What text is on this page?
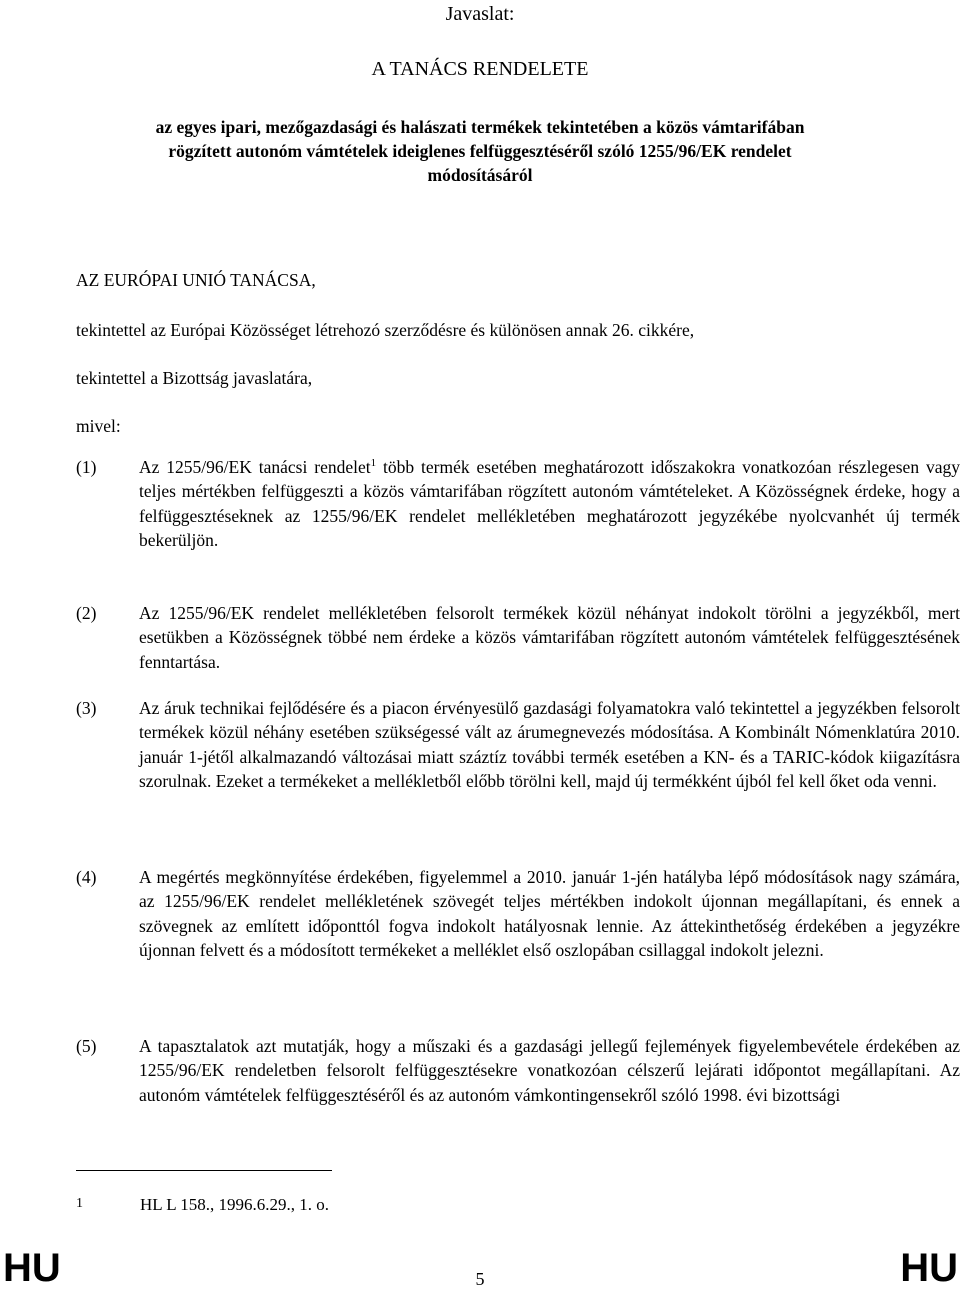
Javaslat:
A TANÁCS RENDELETE
az egyes ipari, mezőgazdasági és halászati termékek tekintetében a közös vámtarifában
rögzített autonóm vámtételek ideiglenes felfüggesztéséről szóló 1255/96/EK rendelet
módosításáról
AZ EURÓPAI UNIÓ TANÁCSA,
tekintettel az Európai Közösséget létrehozó szerződésre és különösen annak 26. cikkére,
tekintettel a Bizottság javaslatára,
mivel:
(1)	Az 1255/96/EK tanácsi rendelet$^1$ több termék esetében meghatározott időszakokra vonatkozóan részlegesen vagy teljes mértékben felfüggeszti a közös vámtarifában rögzített autonóm vámtételeket. A Közösségnek érdeke, hogy a felfüggesztéseknek az 1255/96/EK rendelet mellékletében meghatározott jegyzékébe nyolcvanhét új termék bekerüljön.

(2)	Az 1255/96/EK rendelet mellékletében felsorolt termékek közül néhányat indokolt törölni a jegyzékből, mert esetükben a Közösségnek többé nem érdeke a közös vámtarifában rögzített autonóm vámtételek felfüggesztésének fenntartása.

(3)	Az áruk technikai fejlődésére és a piacon érvényesülő gazdasági folyamatokra való tekintettel a jegyzékben felsorolt termékek közül néhány esetében szükségessé vált az árumegnevezés módosítása. A Kombinált Nómenklatúra 2010. január 1-jétől alkalmazandó változásai miatt száztíz további termék esetében a KN- és a TARIC-kódok kiigazításra szorulnak. Ezeket a termékeket a mellékletből előbb törölni kell, majd új termékként újból fel kell őket oda venni.

(4)	A megértés megkönnyítése érdekében, figyelemmel a 2010. január 1-jén hatályba lépő módosítások nagy számára, az 1255/96/EK rendelet mellékletének szövegét teljes mértékben indokolt újonnan megállapítani, és ennek a szövegnek az említett időponttól fogva indokolt hatályosnak lennie. Az áttekinthetőség érdekében a jegyzékre újonnan felvett és a módosított termékeket a melléklet első oszlopában csillaggal indokolt jelezni.

(5)	A tapasztalatok azt mutatják, hogy a műszaki és a gazdasági jellegű fejlemények figyelembevétele érdekében az 1255/96/EK rendeletben felsorolt felfüggesztésekre vonatkozóan célszerű lejárati időpontot megállapítani. Az autonóm vámtételek felfüggesztéséről és az autonóm vámkontingensekről szóló 1998. évi bizottsági

1	HL L 158., 1996.6.29., 1. o.
HU	5	HU
